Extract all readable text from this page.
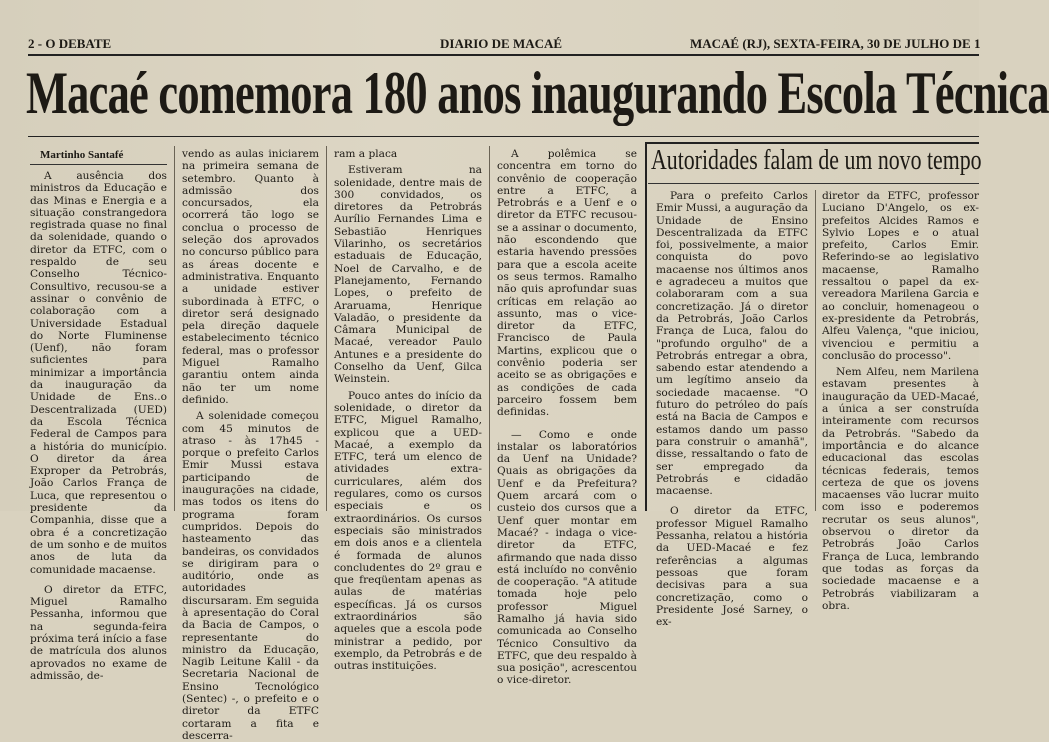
2 - O DEBATE	DIARIO DE MACAÉ	MACAÉ (RJ), SEXTA-FEIRA, 30 DE JULHO DE 1
Macaé comemora 180 anos inaugurando Escola Técnica
Martinho Santafé

A ausência dos ministros da Educação e das Minas e Energia e a situação constrangedora registrada quase no final da solenidade, quando o diretor da ETFC, com o respaldo de seu Conselho Técnico-Consultivo, recusou-se a assinar o convênio de colaboração com a Universidade Estadual do Norte Fluminense (Uenf), não foram suficientes para minimizar a importância da inauguração da Unidade de Ens..o Descentralizada (UED) da Escola Técnica Federal de Campos para a história do município. O diretor da área Exproper da Petrobrás, João Carlos França de Luca, que representou o presidente da Companhia, disse que a obra é a concretização de um sonho e de muitos anos de luta da comunidade macaense.

O diretor da ETFC, Miguel Ramalho Pessanha, informou que na segunda-feira próxima terá início a fase de matrícula dos alunos aprovados no exame de admissão, de-

vendo as aulas iniciarem na primeira semana de setembro. Quanto à admissão dos concursados, ela ocorrerá tão logo se conclua o processo de seleção dos aprovados no concurso público para as áreas docente e administrativa. Enquanto a unidade estiver subordinada à ETFC, o diretor será designado pela direção daquele estabelecimento técnico federal, mas o professor Miguel Ramalho garantiu ontem ainda não ter um nome definido.

A solenidade começou com 45 minutos de atraso - às 17h45 - porque o prefeito Carlos Emir Mussi estava participando de inaugurações na cidade, mas todos os itens do programa foram cumpridos. Depois do hasteamento das bandeiras, os convidados se dirigiram para o auditório, onde as autoridades discursaram. Em seguida à apresentação do Coral da Bacia de Campos, o representante do ministro da Educação, Nagib Leitune Kalil - da Secretaria Nacional de Ensino Tecnológico (Sentec) -, o prefeito e o diretor da ETFC cortaram a fita e descerra-

ram a placa

Estiveram na solenidade, dentre mais de 300 convidados, os diretores da Petrobrás Aurílio Fernandes Lima e Sebastião Henriques Vilarinho, os secretários estaduais de Educação, Noel de Carvalho, e de Planejamento, Fernando Lopes, o prefeito de Araruama, Henrique Valadão, o presidente da Câmara Municipal de Macaé, vereador Paulo Antunes e a presidente do Conselho da Uenf, Gilca Weinstein.

Pouco antes do início da solenidade, o diretor da ETFC, Miguel Ramalho, explicou que a UED-Macaé, a exemplo da ETFC, terá um elenco de atividades extra-curriculares, além dos regulares, como os cursos especiais e os extraordinários. Os cursos especiais são ministrados em dois anos e a clientela é formada de alunos concludentes do 2º grau e que freqüentam apenas as aulas de matérias específicas. Já os cursos extraordinários são aqueles que a escola pode ministrar a pedido, por exemplo, da Petrobrás e de outras instituições.

A polêmica se concentra em torno do convênio de cooperação entre a ETFC, a Petrobrás e a Uenf e o diretor da ETFC recusou-se a assinar o documento, não escondendo que estaria havendo pressões para que a escola aceite os seus termos. Ramalho não quis aprofundar suas críticas em relação ao assunto, mas o vice-diretor da ETFC, Francisco de Paula Martins, explicou que o convênio poderia ser aceito se as obrigações e as condições de cada parceiro fossem bem definidas.

— Como e onde instalar os laboratórios da Uenf na Unidade? Quais as obrigações da Uenf e da Prefeitura? Quem arcará com o custeio dos cursos que a Uenf quer montar em Macaé? - indaga o vice-diretor da ETFC, afirmando que nada disso está incluído no convênio de cooperação. "A atitude tomada hoje pelo professor Miguel Ramalho já havia sido comunicada ao Conselho Técnico Consultivo da ETFC, que deu respaldo à sua posição", acrescentou o vice-diretor.

Autoridades falam de um novo tempo

Para o prefeito Carlos Emir Mussi, a auguração da Unidade de Ensino Descentralizada da ETFC foi, possivelmente, a maior conquista do povo macaense nos últimos anos e agradeceu a muitos que colaboraram com a sua concretização. Já o diretor da Petrobrás, João Carlos França de Luca, falou do "profundo orgulho" de a Petrobrás entregar a obra, sabendo estar atendendo a um legítimo anseio da sociedade macaense. "O futuro do petróleo do país está na Bacia de Campos e estamos dando um passo para construir o amanhã", disse, ressaltando o fato de ser empregado da Petrobrás e cidadão macaense.

O diretor da ETFC, professor Miguel Ramalho Pessanha, relatou a história da UED-Macaé e fez referências a algumas pessoas que foram decisivas para a sua concretização, como o Presidente José Sarney, o ex-

diretor da ETFC, professor Luciano D'Angelo, os ex-prefeitos Alcides Ramos e Sylvio Lopes e o atual prefeito, Carlos Emir. Referindo-se ao legislativo macaense, Ramalho ressaltou o papel da ex-vereadora Marilena Garcia e ao concluir, homenageou o ex-presidente da Petrobrás, Alfeu Valença, "que iniciou, vivenciou e permitiu a conclusão do processo".

Nem Alfeu, nem Marilena estavam presentes à inauguração da UED-Macaé, a única a ser construída inteiramente com recursos da Petrobrás. "Sabedo da importância e do alcance educacional das escolas técnicas federais, temos certeza de que os jovens macaenses vão lucrar muito com isso e poderemos recrutar os seus alunos", observou o diretor da Petrobrás João Carlos França de Luca, lembrando que todas as forças da sociedade macaense e a Petrobrás viabilizaram a obra.
